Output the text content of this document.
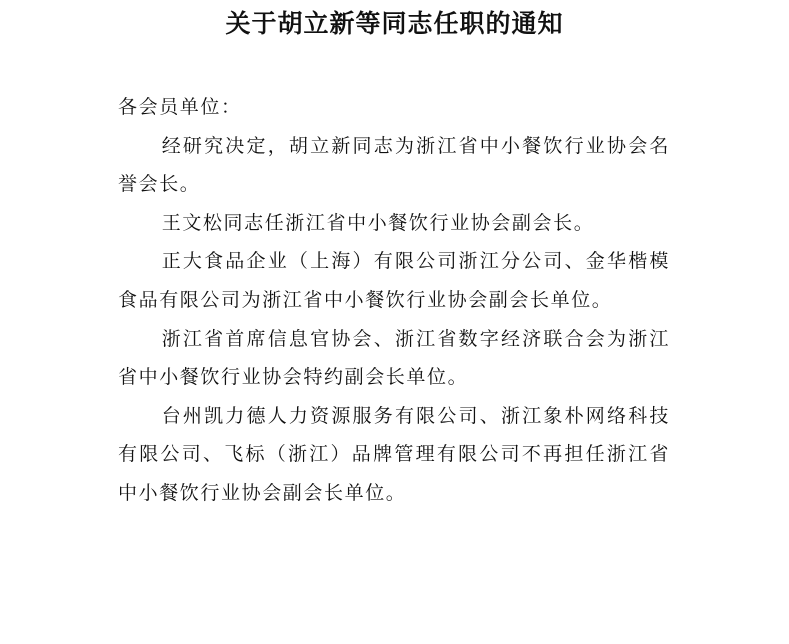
关于胡立新等同志任职的通知

各会员单位：

经研究决定，胡立新同志为浙江省中小餐饮行业协会名誉会长。

王文松同志任浙江省中小餐饮行业协会副会长。

正大食品企业（上海）有限公司浙江分公司、金华楷模食品有限公司为浙江省中小餐饮行业协会副会长单位。

浙江省首席信息官协会、浙江省数字经济联合会为浙江省中小餐饮行业协会特约副会长单位。

台州凯力德人力资源服务有限公司、浙江象朴网络科技有限公司、飞标（浙江）品牌管理有限公司不再担任浙江省中小餐饮行业协会副会长单位。
